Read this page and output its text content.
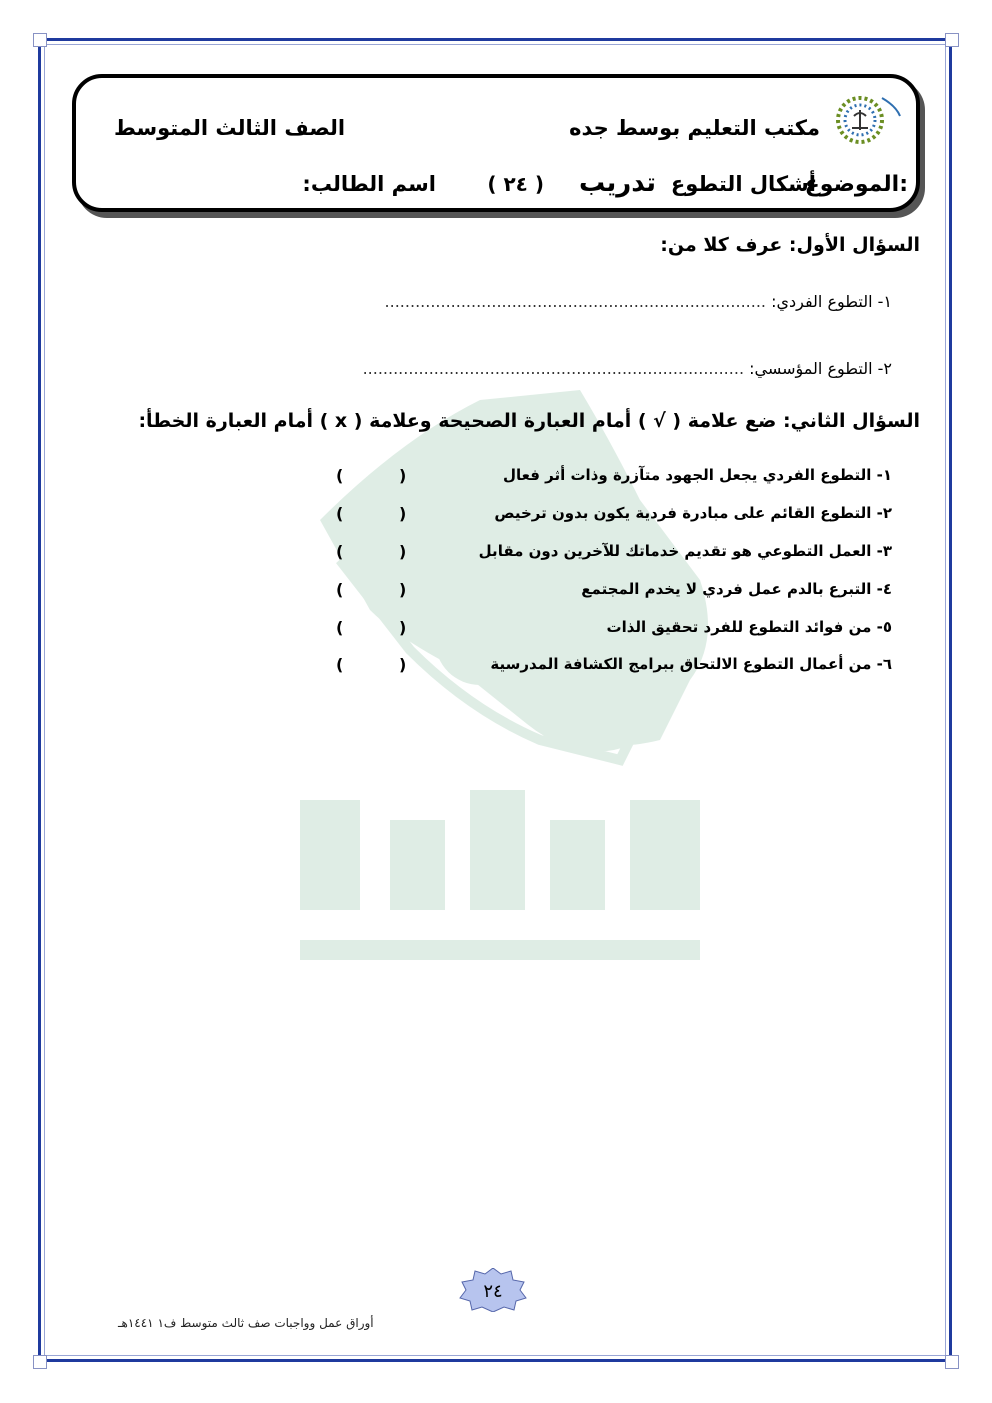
مكتب التعليم بوسط جده
الصف الثالث المتوسط
الموضوع:
أشكال التطوع
تدريب
( ٢٤ )
اسم الطالب:
السؤال الأول: عرف كلا من:
١- التطوع الفردي: ...........................................................................
٢- التطوع المؤسسي: ...........................................................................
السؤال الثاني: ضع علامة ( √ ) أمام العبارة الصحيحة وعلامة ( x ) أمام العبارة الخطأ:
١- التطوع الفردي يجعل الجهود متآزرة وذات أثر فعال
(          )
٢- التطوع القائم على مبادرة فردية يكون بدون ترخيص
(          )
٣- العمل التطوعي هو تقديم خدماتك للآخرين دون مقابل
(          )
٤- التبرع بالدم عمل فردي لا يخدم المجتمع
(          )
٥- من فوائد التطوع للفرد تحقيق الذات
(          )
٦- من أعمال التطوع الالتحاق ببرامج الكشافة المدرسية
(          )
٢٤
أوراق عمل وواجبات صف ثالث متوسط ف١ ١٤٤١هـ
